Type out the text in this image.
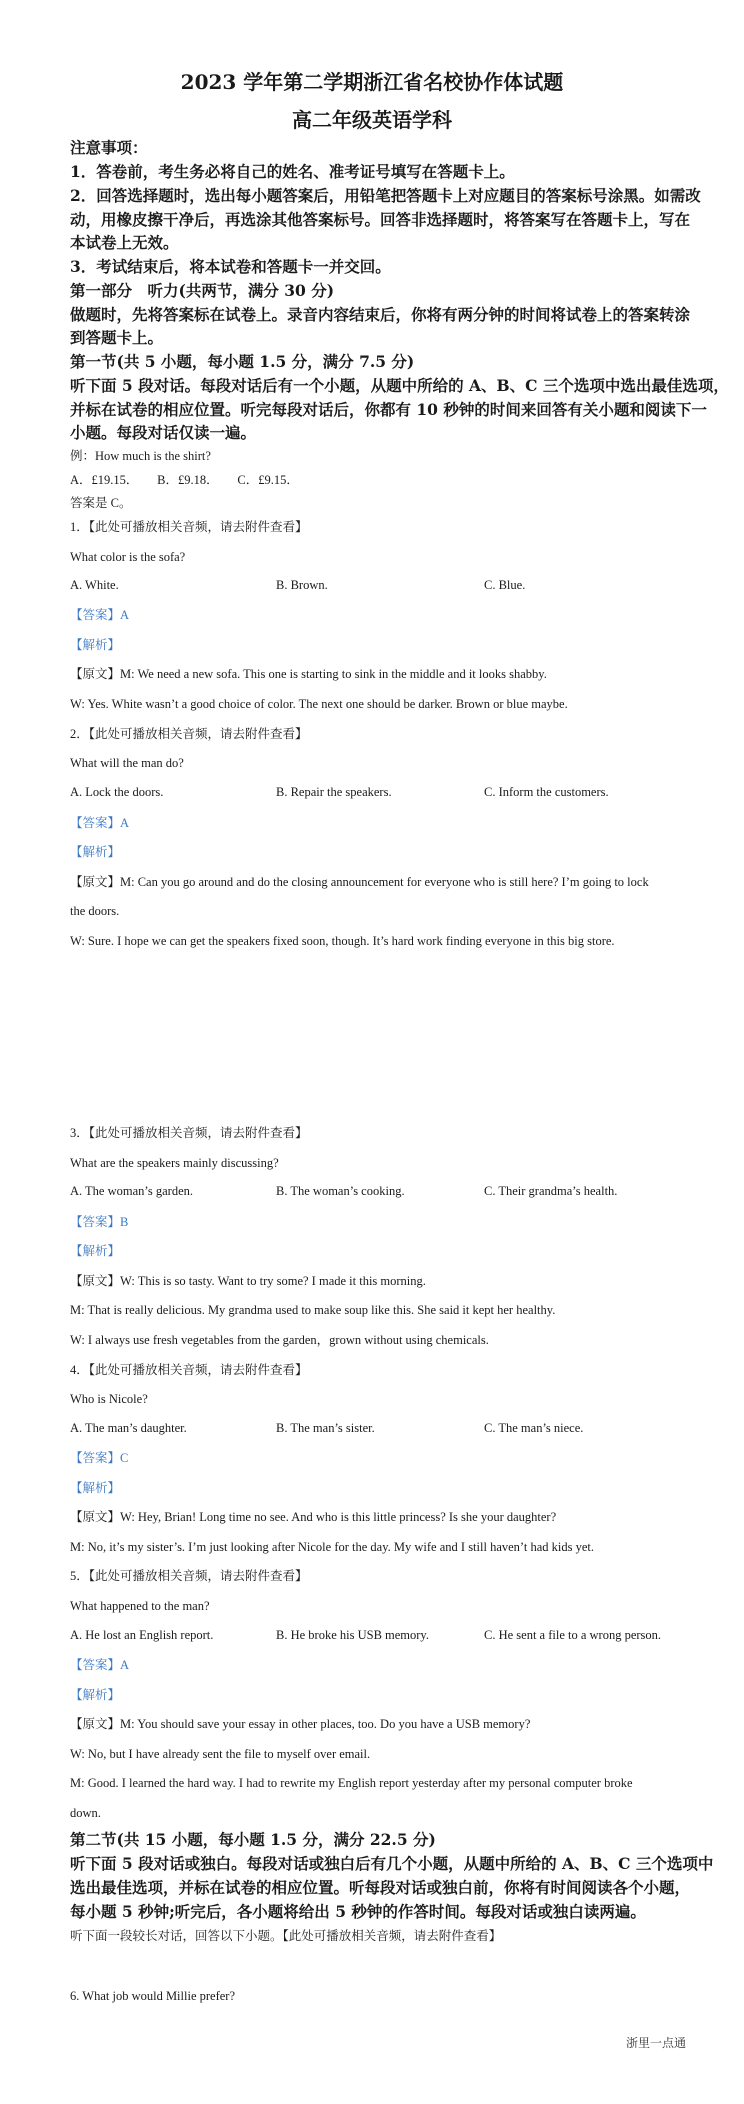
2023 学年第二学期浙江省名校协作体试题
高二年级英语学科
注意事项：
1．答卷前，考生务必将自己的姓名、准考证号填写在答题卡上。
2．回答选择题时，选出每小题答案后，用铅笔把答题卡上对应题目的答案标号涂黑。如需改
动，用橡皮擦干净后，再选涂其他答案标号。回答非选择题时，将答案写在答题卡上，写在
本试卷上无效。
3．考试结束后，将本试卷和答题卡一并交回。
第一部分　听力(共两节，满分 30 分)
做题时，先将答案标在试卷上。录音内容结束后，你将有两分钟的时间将试卷上的答案转涂
到答题卡上。
第一节(共 5 小题，每小题 1.5 分，满分 7.5 分)
听下面 5 段对话。每段对话后有一个小题，从题中所给的 A、B、C 三个选项中选出最佳选项，
并标在试卷的相应位置。听完每段对话后，你都有 10 秒钟的时间来回答有关小题和阅读下一
小题。每段对话仅读一遍。
例：How much is the shirt?
A．£19.15．　　B．£9.18．　　C．£9.15．
答案是 C。
1．【此处可播放相关音频，请去附件查看】
What color is the sofa?
A. White.	B. Brown.	C. Blue.
【答案】A
【解析】
【原文】M: We need a new sofa. This one is starting to sink in the middle and it looks shabby.
W: Yes. White wasn’t a good choice of color. The next one should be darker. Brown or blue maybe.
2．【此处可播放相关音频，请去附件查看】
What will the man do?
A. Lock the doors.	B. Repair the speakers.	C. Inform the customers.
【答案】A
【解析】
【原文】M: Can you go around and do the closing announcement for everyone who is still here? I’m going to lock
the doors.
W: Sure. I hope we can get the speakers fixed soon, though. It’s hard work finding everyone in this big store.
3．【此处可播放相关音频，请去附件查看】
What are the speakers mainly discussing?
A. The woman’s garden.	B. The woman’s cooking.	C. Their grandma’s health.
【答案】B
【解析】
【原文】W: This is so tasty. Want to try some? I made it this morning.
M: That is really delicious. My grandma used to make soup like this. She said it kept her healthy.
W: I always use fresh vegetables from the garden，grown without using chemicals.
4．【此处可播放相关音频，请去附件查看】
Who is Nicole?
A. The man’s daughter.	B. The man’s sister.	C. The man’s niece.
【答案】C
【解析】
【原文】W: Hey, Brian! Long time no see. And who is this little princess? Is she your daughter?
M: No, it’s my sister’s. I’m just looking after Nicole for the day. My wife and I still haven’t had kids yet.
5．【此处可播放相关音频，请去附件查看】
What happened to the man?
A. He lost an English report.	B. He broke his USB memory.	C. He sent a file to a wrong person.
【答案】A
【解析】
【原文】M: You should save your essay in other places, too. Do you have a USB memory?
W: No, but I have already sent the file to myself over email.
M: Good. I learned the hard way. I had to rewrite my English report yesterday after my personal computer broke
down.
第二节(共 15 小题，每小题 1.5 分，满分 22.5 分)
听下面 5 段对话或独白。每段对话或独白后有几个小题，从题中所给的 A、B、C 三个选项中
选出最佳选项，并标在试卷的相应位置。听每段对话或独白前，你将有时间阅读各个小题，
每小题 5 秒钟;听完后，各小题将给出 5 秒钟的作答时间。每段对话或独白读两遍。
听下面一段较长对话，回答以下小题。【此处可播放相关音频，请去附件查看】
6. What job would Millie prefer?
浙里一点通
